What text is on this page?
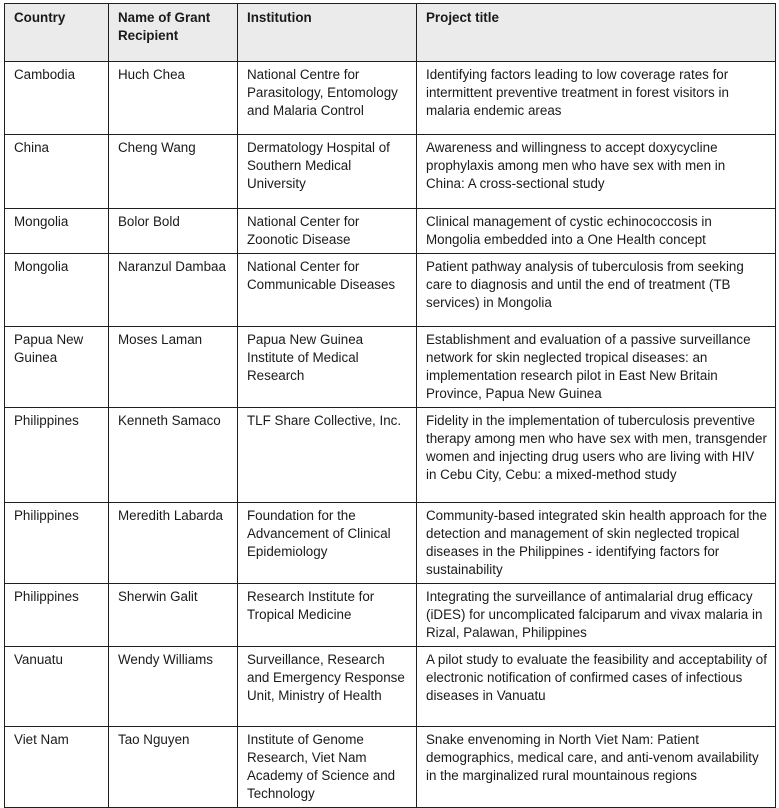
Country	Name of Grant Recipient	Institution	Project title
Cambodia	Huch Chea	National Centre for Parasitology, Entomology and Malaria Control	Identifying factors leading to low coverage rates for intermittent preventive treatment in forest visitors in malaria endemic areas
China	Cheng Wang	Dermatology Hospital of Southern Medical University	Awareness and willingness to accept doxycycline prophylaxis among men who have sex with men in China: A cross-sectional study
Mongolia	Bolor Bold	National Center for Zoonotic Disease	Clinical management of cystic echinococcosis in Mongolia embedded into a One Health concept
Mongolia	Naranzul Dambaa	National Center for Communicable Diseases	Patient pathway analysis of tuberculosis from seeking care to diagnosis and until the end of treatment (TB services) in Mongolia
Papua New Guinea	Moses Laman	Papua New Guinea Institute of Medical Research	Establishment and evaluation of a passive surveillance network for skin neglected tropical diseases: an implementation research pilot in East New Britain Province, Papua New Guinea
Philippines	Kenneth Samaco	TLF Share Collective, Inc.	Fidelity in the implementation of tuberculosis preventive therapy among men who have sex with men, transgender women and injecting drug users who are living with HIV in Cebu City, Cebu: a mixed-method study
Philippines	Meredith Labarda	Foundation for the Advancement of Clinical Epidemiology	Community-based integrated skin health approach for the detection and management of skin neglected tropical diseases in the Philippines - identifying factors for sustainability
Philippines	Sherwin Galit	Research Institute for Tropical Medicine	Integrating the surveillance of antimalarial drug efficacy (iDES) for uncomplicated falciparum and vivax malaria in Rizal, Palawan, Philippines
Vanuatu	Wendy Williams	Surveillance, Research and Emergency Response Unit, Ministry of Health	A pilot study to evaluate the feasibility and acceptability of electronic notification of confirmed cases of infectious diseases in Vanuatu
Viet Nam	Tao Nguyen	Institute of Genome Research, Viet Nam Academy of Science and Technology	Snake envenoming in North Viet Nam: Patient demographics, medical care, and anti-venom availability in the marginalized rural mountainous regions
